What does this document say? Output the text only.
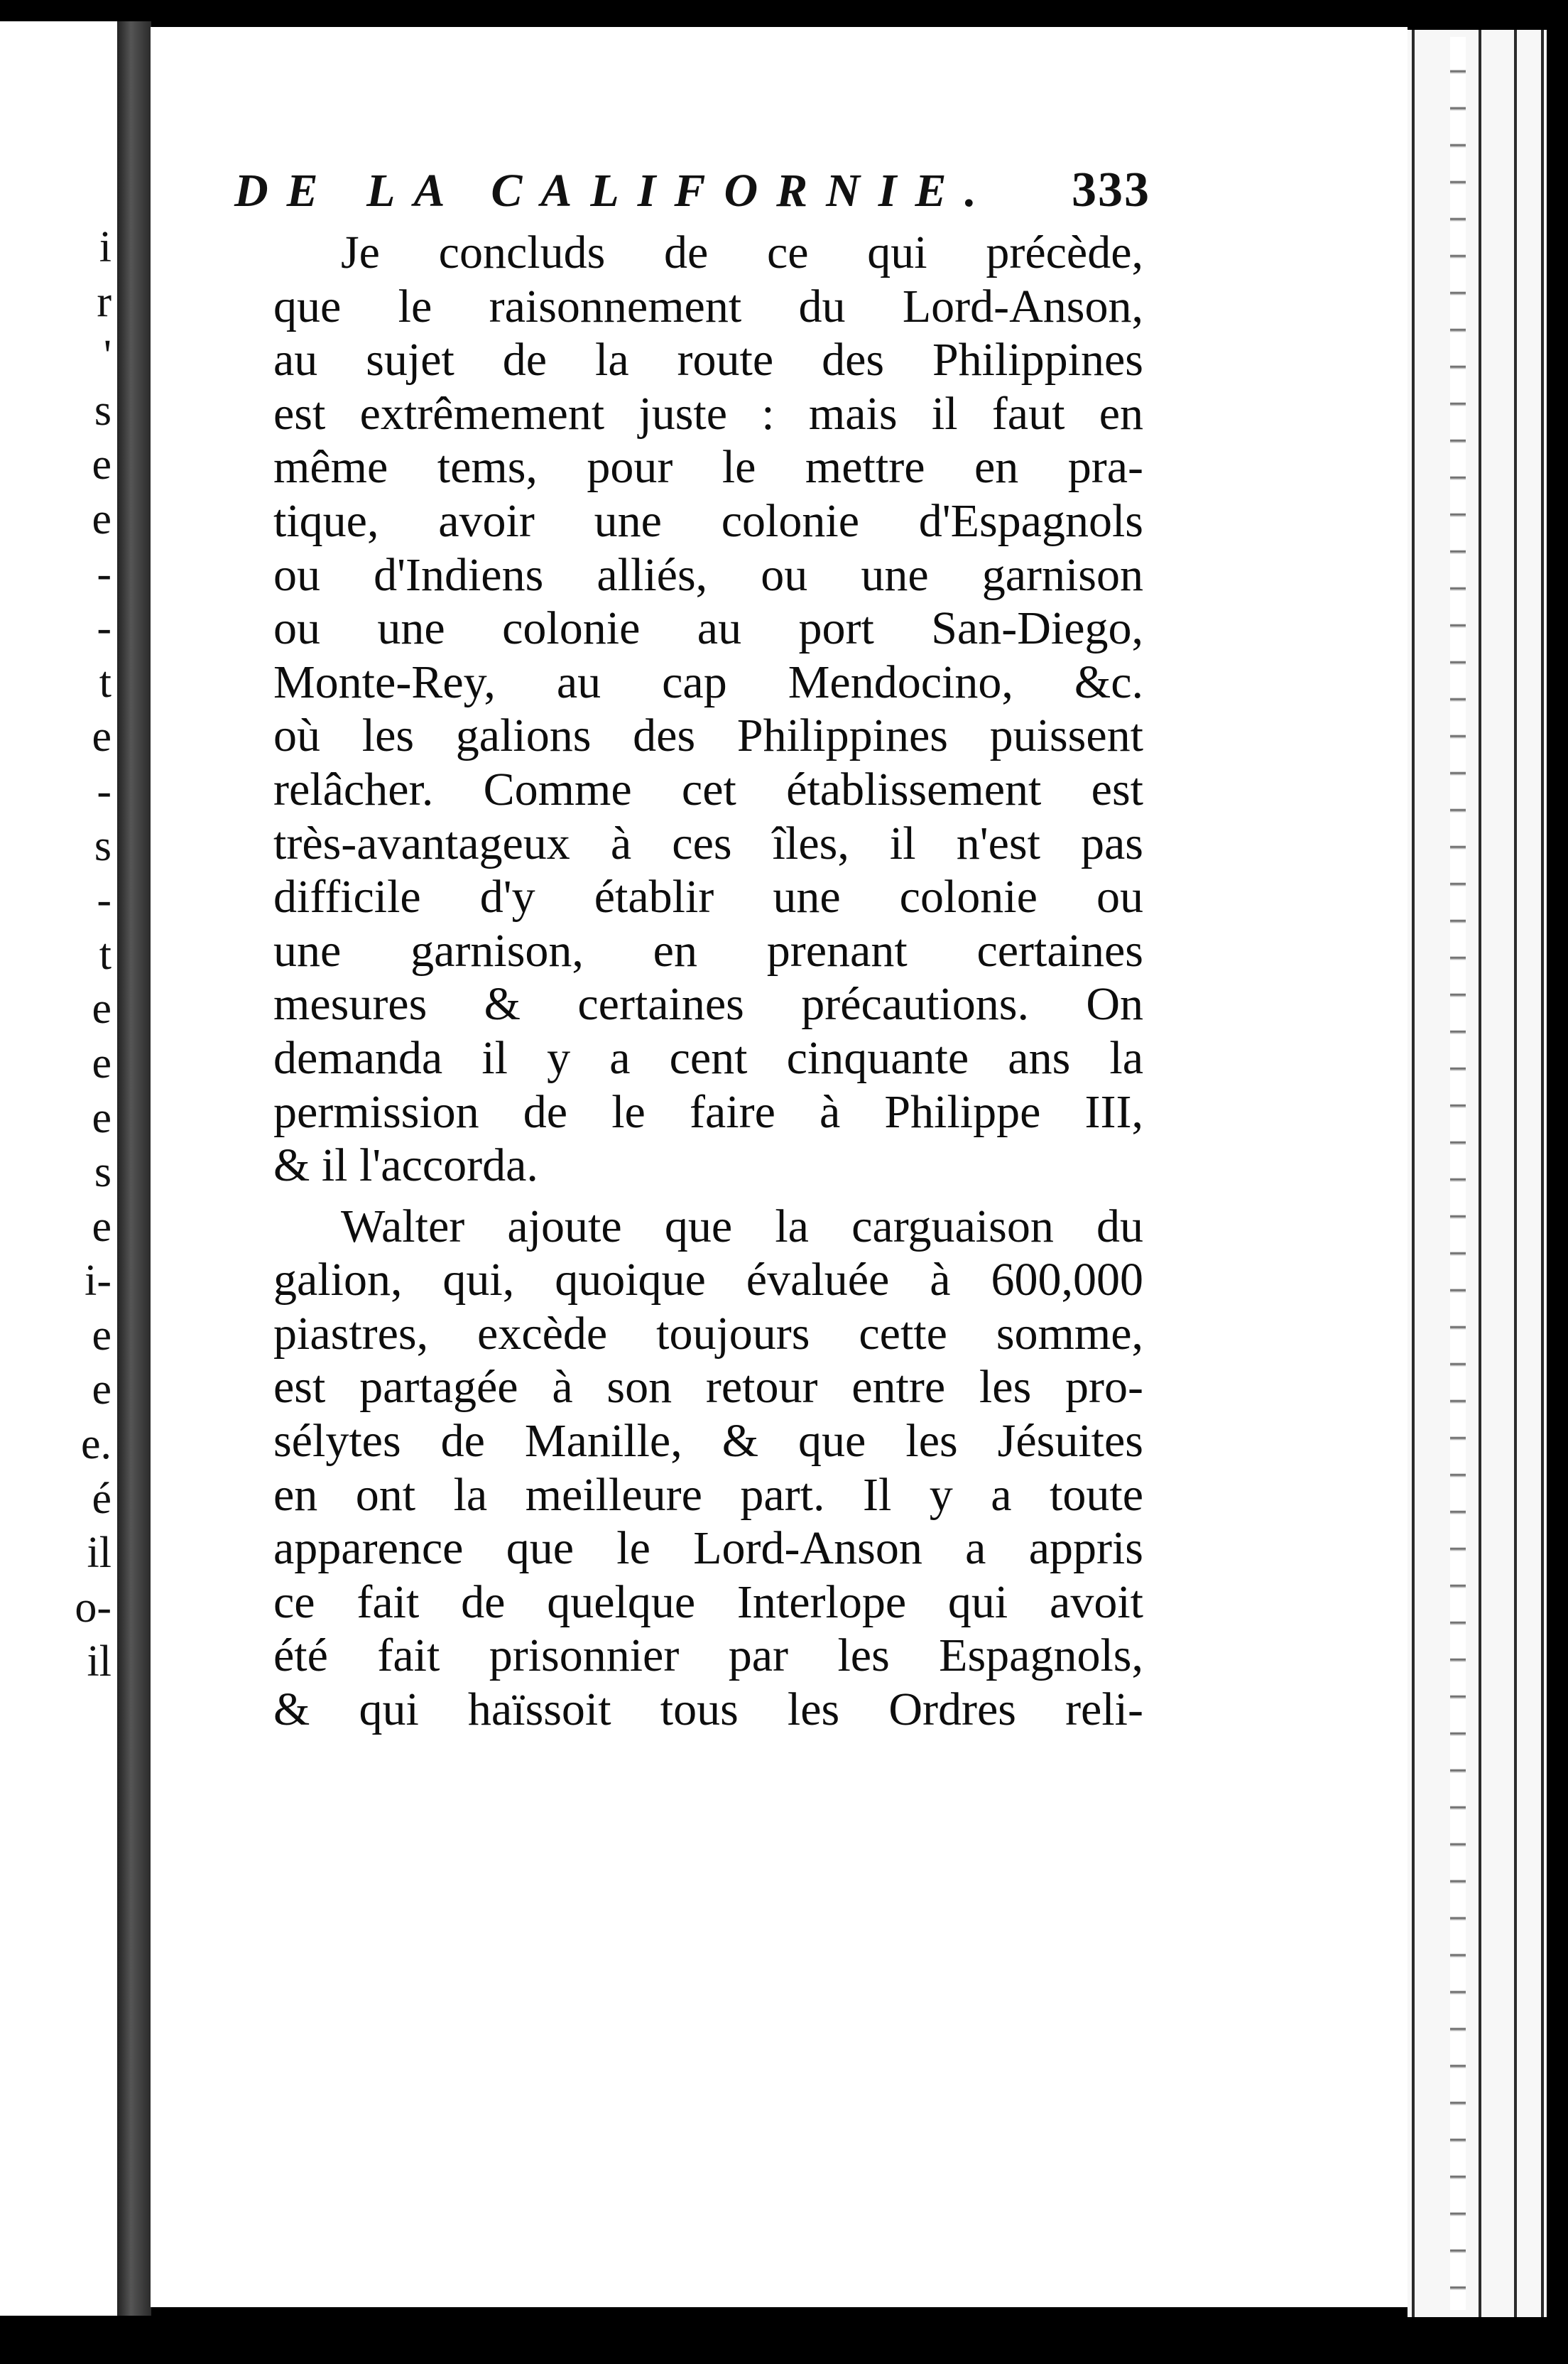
i
r
'
s
e
e
-
-
t
e
-
s
-
t
e
e
e
s
e
i-
e
e
e.
é
il
o-
il
DE LA CALIFORNIE. 333
Je concluds de ce qui précède,
que le raisonnement du Lord-Anson,
au sujet de la route des Philippines
est extrêmement juste : mais il faut en
même tems, pour le mettre en pra-
tique, avoir une colonie d'Espagnols
ou d'Indiens alliés, ou une garnison
ou une colonie au port San-Diego,
Monte-Rey, au cap Mendocino, &c.
où les galions des Philippines puissent
relâcher. Comme cet établissement est
très-avantageux à ces îles, il n'est pas
difficile d'y établir une colonie ou
une garnison, en prenant certaines
mesures & certaines précautions. On
demanda il y a cent cinquante ans la
permission de le faire à Philippe III,
& il l'accorda.
Walter ajoute que la carguaison du
galion, qui, quoique évaluée à 600,000
piastres, excède toujours cette somme,
est partagée à son retour entre les pro-
sélytes de Manille, & que les Jésuites
en ont la meilleure part. Il y a toute
apparence que le Lord-Anson a appris
ce fait de quelque Interlope qui avoit
été fait prisonnier par les Espagnols,
& qui haïssoit tous les Ordres reli-
